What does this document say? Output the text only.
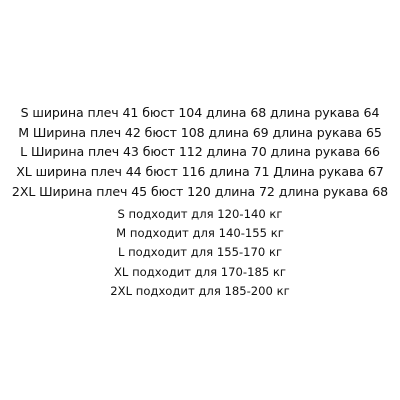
S ширина плеч 41 бюст 104 длина 68 длина рукава 64
M Ширина плеч 42 бюст 108 длина 69 длина рукава 65
L Ширина плеч 43 бюст 112 длина 70 длина рукава 66
XL ширина плеч 44 бюст 116 длина 71 Длина рукава 67
2XL Ширина плеч 45 бюст 120 длина 72 длина рукава 68
S подходит для 120-140 кг
M подходит для 140-155 кг
L подходит для 155-170 кг
XL подходит для 170-185 кг
2XL подходит для 185-200 кг
